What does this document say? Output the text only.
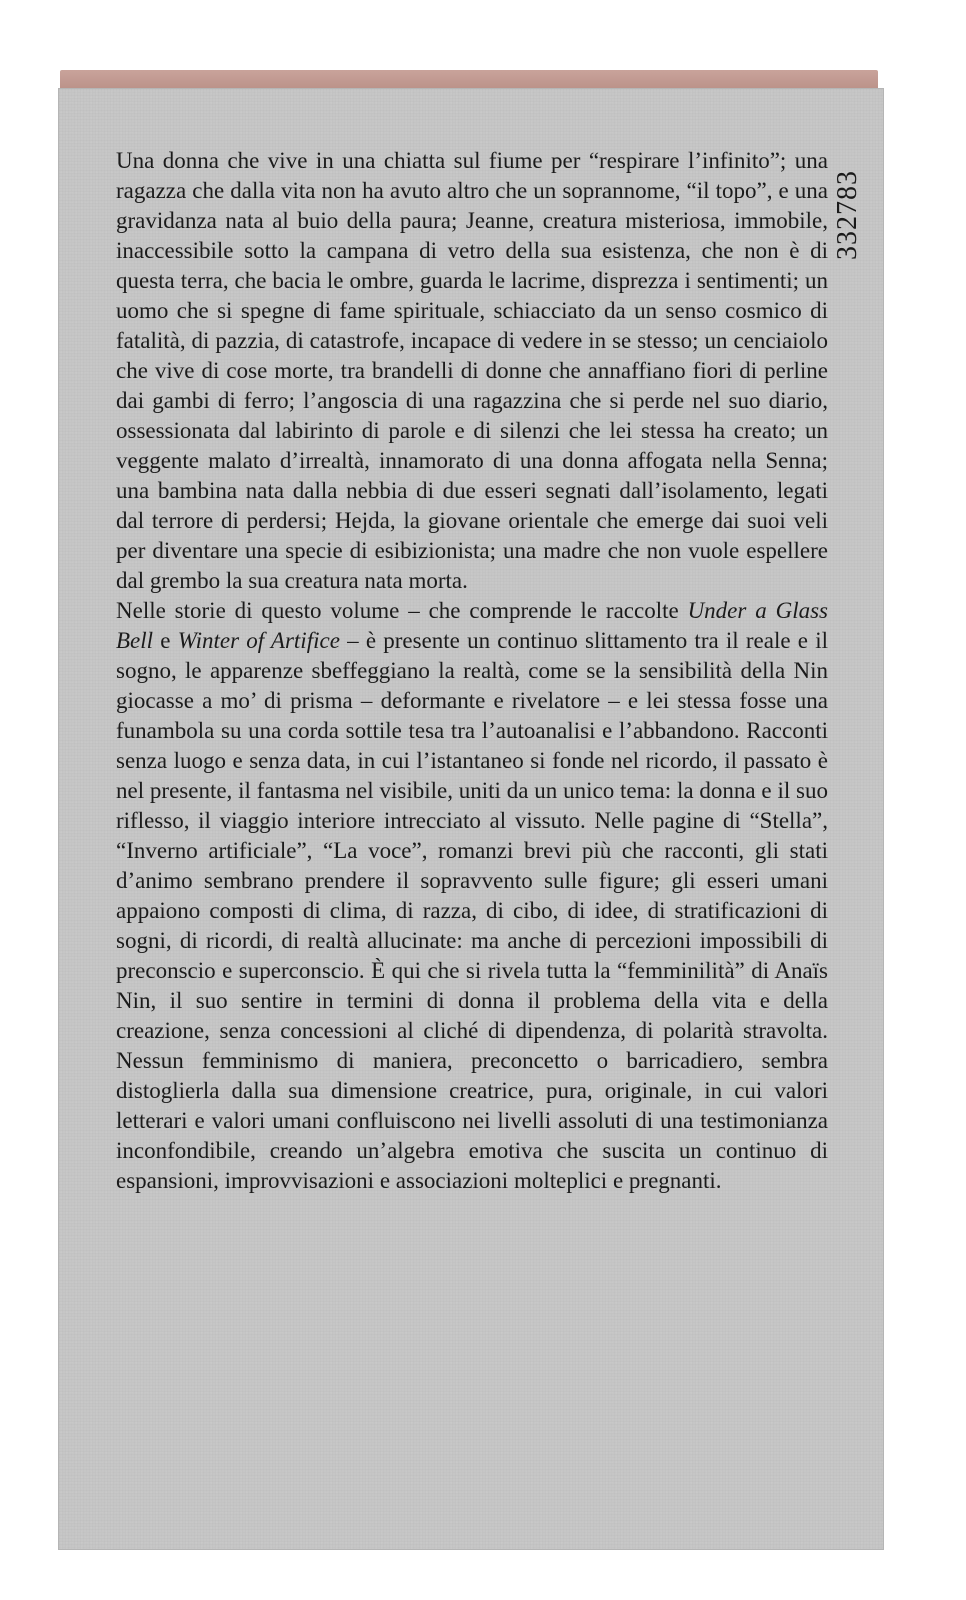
332783

Una donna che vive in una chiatta sul fiume per “respirare l’infinito”; una ragazza che dalla vita non ha avuto altro che un soprannome, “il topo”, e una gravidanza nata al buio della paura; Jeanne, creatura misteriosa, immobile, inaccessibile sotto la campana di vetro della sua esistenza, che non è di questa terra, che bacia le ombre, guarda le lacrime, disprezza i sentimenti; un uomo che si spegne di fame spirituale, schiacciato da un senso cosmico di fatalità, di pazzia, di catastrofe, incapace di vedere in se stesso; un cenciaiolo che vive di cose morte, tra brandelli di donne che annaffiano fiori di perline dai gambi di ferro; l’angoscia di una ragazzina che si perde nel suo diario, ossessionata dal labirinto di parole e di silenzi che lei stessa ha creato; un veggente malato d’irrealtà, innamorato di una donna affogata nella Senna; una bambina nata dalla nebbia di due esseri segnati dall’isolamento, legati dal terrore di perdersi; Hejda, la giovane orientale che emerge dai suoi veli per diventare una specie di esibizionista; una madre che non vuole espellere dal grembo la sua creatura nata morta.

Nelle storie di questo volume – che comprende le raccolte Under a Glass Bell e Winter of Artifice – è presente un continuo slittamento tra il reale e il sogno, le apparenze sbeffeggiano la realtà, come se la sensibilità della Nin giocasse a mo’ di prisma – deformante e rivelatore – e lei stessa fosse una funambola su una corda sottile tesa tra l’autoanalisi e l’abbandono. Racconti senza luogo e senza data, in cui l’istantaneo si fonde nel ricordo, il passato è nel presente, il fantasma nel visibile, uniti da un unico tema: la donna e il suo riflesso, il viaggio interiore intrecciato al vissuto. Nelle pagine di “Stella”, “Inverno artificiale”, “La voce”, romanzi brevi più che racconti, gli stati d’animo sembrano prendere il sopravvento sulle figure; gli esseri umani appaiono composti di clima, di razza, di cibo, di idee, di stratificazioni di sogni, di ricordi, di realtà allucinate: ma anche di percezioni impossibili di preconscio e superconscio. È qui che si rivela tutta la “femminilità” di Anaïs Nin, il suo sentire in termini di donna il problema della vita e della creazione, senza concessioni al cliché di dipendenza, di polarità stravolta. Nessun femminismo di maniera, preconcetto o barricadiero, sembra distoglierla dalla sua dimensione creatrice, pura, originale, in cui valori letterari e valori umani confluiscono nei livelli assoluti di una testimonianza inconfondibile, creando un’algebra emotiva che suscita un continuo di espansioni, improvvisazioni e associazioni molteplici e pregnanti.
